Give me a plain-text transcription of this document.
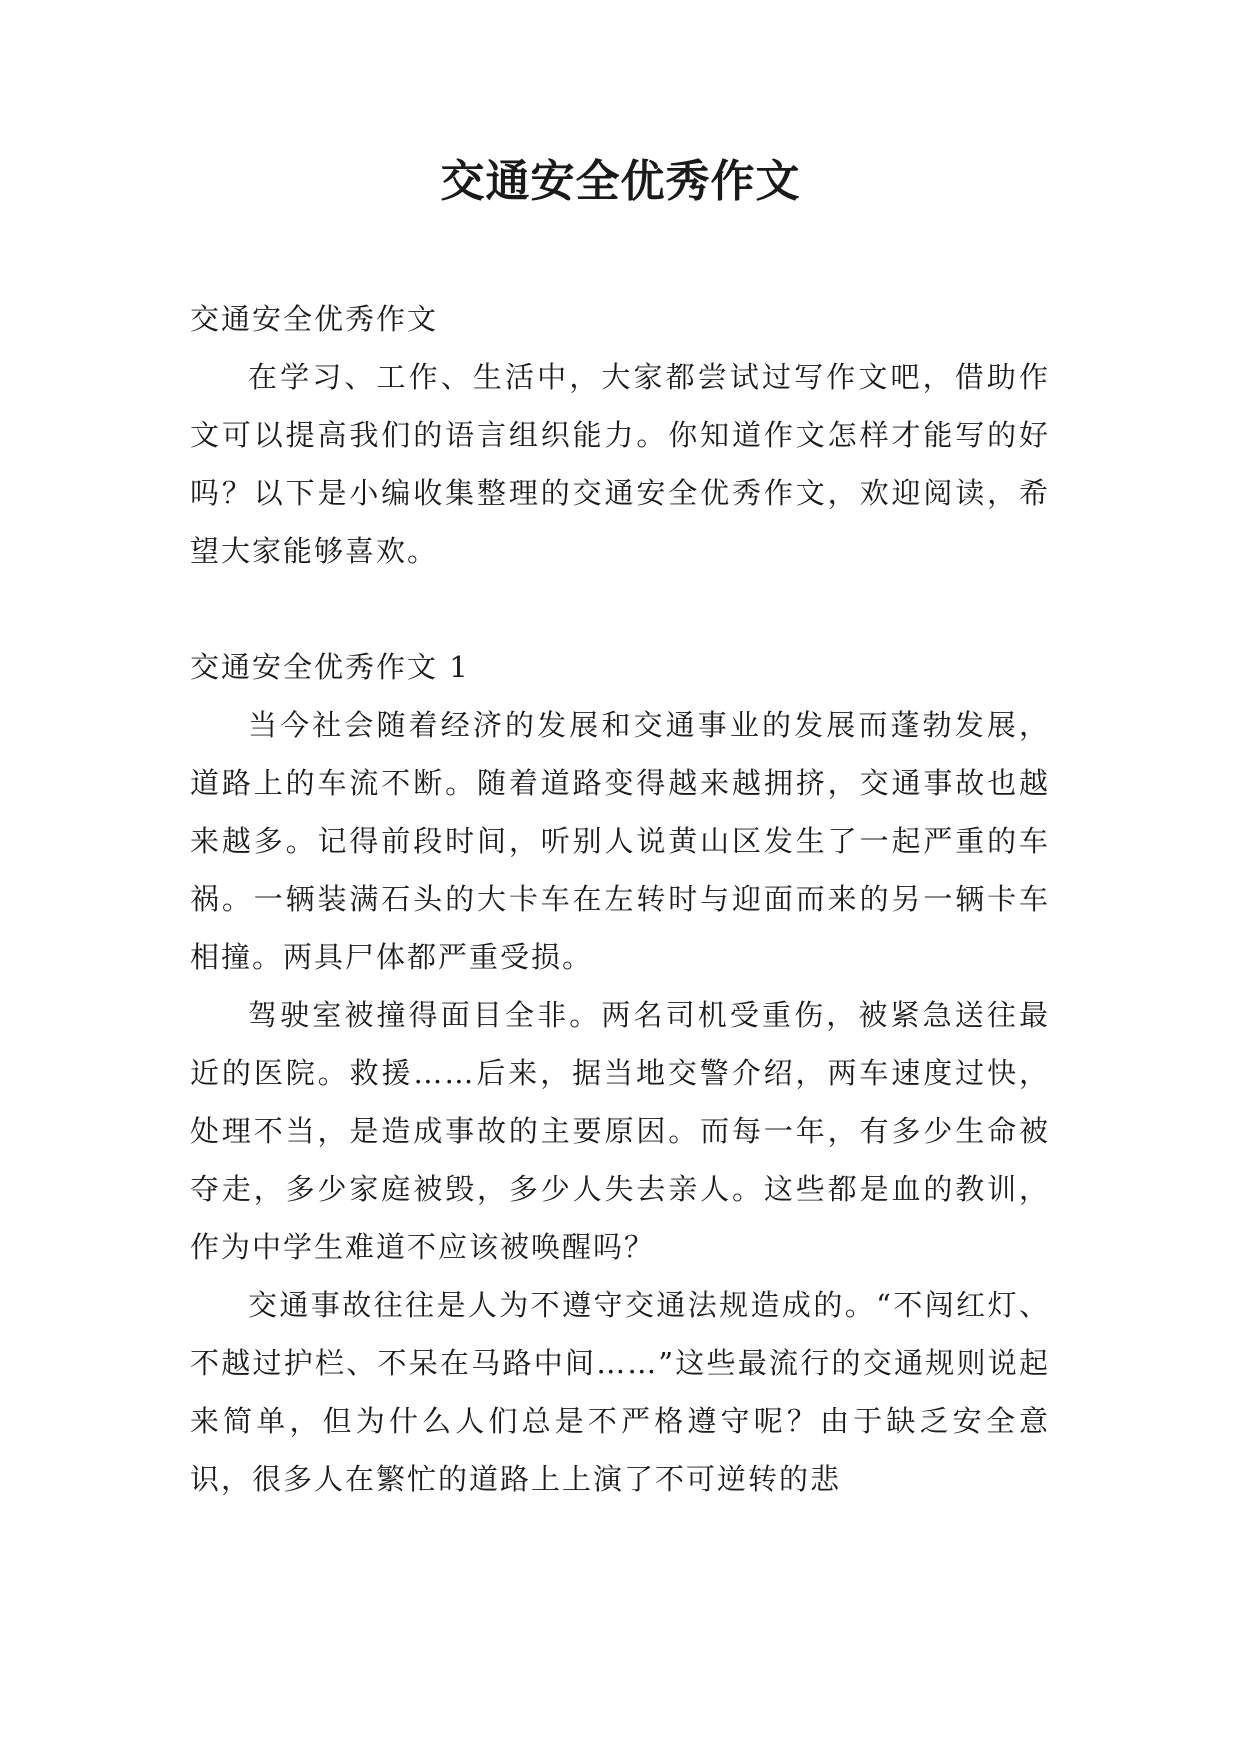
交通安全优秀作文

交通安全优秀作文

在学习、工作、生活中，大家都尝试过写作文吧，借助作文可以提高我们的语言组织能力。你知道作文怎样才能写的好吗？以下是小编收集整理的交通安全优秀作文，欢迎阅读，希望大家能够喜欢。

交通安全优秀作文 1

当今社会随着经济的发展和交通事业的发展而蓬勃发展，道路上的车流不断。随着道路变得越来越拥挤，交通事故也越来越多。记得前段时间，听别人说黄山区发生了一起严重的车祸。一辆装满石头的大卡车在左转时与迎面而来的另一辆卡车相撞。两具尸体都严重受损。

驾驶室被撞得面目全非。两名司机受重伤，被紧急送往最近的医院。救援……后来，据当地交警介绍，两车速度过快，处理不当，是造成事故的主要原因。而每一年，有多少生命被夺走，多少家庭被毁，多少人失去亲人。这些都是血的教训，作为中学生难道不应该被唤醒吗？

交通事故往往是人为不遵守交通法规造成的。“不闯红灯、不越过护栏、不呆在马路中间……”这些最流行的交通规则说起来简单，但为什么人们总是不严格遵守呢？由于缺乏安全意识，很多人在繁忙的道路上上演了不可逆转的悲
